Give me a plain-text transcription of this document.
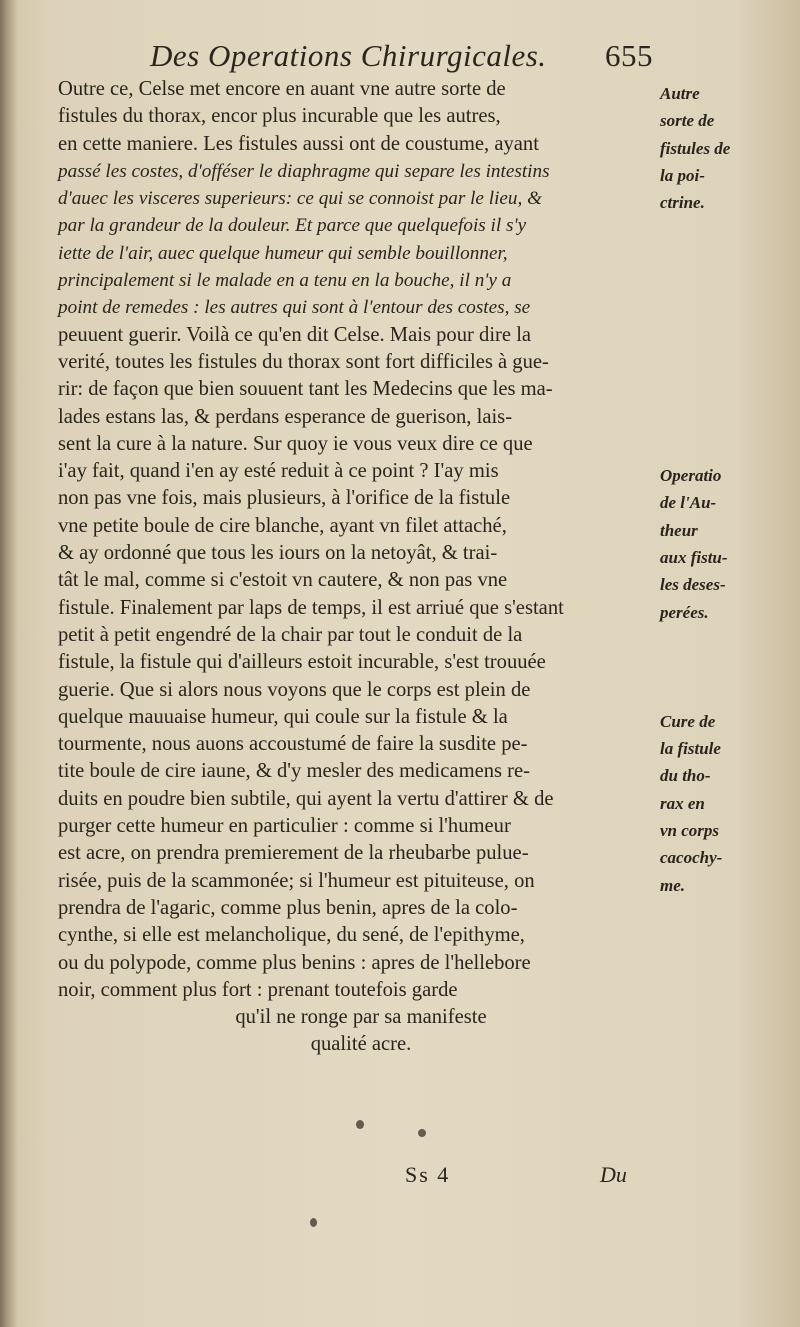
Des Operations Chirurgicales. 655
Outre ce, Celse met encore en auant vne autre sorte de
fistules du thorax, encor plus incurable que les autres,
en cette maniere. Les fistules aussi ont de coustume, ayant
passé les costes, d'offéser le diaphragme qui separe les intestins
d'auec les visceres superieurs: ce qui se connoist par le lieu, &
par la grandeur de la douleur. Et parce que quelquefois il s'y
iette de l'air, auec quelque humeur qui semble bouillonner,
principalement si le malade en a tenu en la bouche, il n'y a
point de remedes : les autres qui sont à l'entour des costes, se
peuuent guerir. Voilà ce qu'en dit Celse. Mais pour dire la
verité, toutes les fistules du thorax sont fort difficiles à gue-
rir: de façon que bien souuent tant les Medecins que les ma-
lades estans las, & perdans esperance de guerison, lais-
sent la cure à la nature. Sur quoy ie vous veux dire ce que
i'ay fait, quand i'en ay esté reduit à ce point ? I'ay mis
non pas vne fois, mais plusieurs, à l'orifice de la fistule
vne petite boule de cire blanche, ayant vn filet attaché,
& ay ordonné que tous les iours on la netoyât, & trai-
tât le mal, comme si c'estoit vn cautere, & non pas vne
fistule. Finalement par laps de temps, il est arriué que s'estant
petit à petit engendré de la chair par tout le conduit de la
fistule, la fistule qui d'ailleurs estoit incurable, s'est trouuée
guerie. Que si alors nous voyons que le corps est plein de
quelque mauuaise humeur, qui coule sur la fistule & la
tourmente, nous auons accoustumé de faire la susdite pe-
tite boule de cire iaune, & d'y mesler des medicamens re-
duits en poudre bien subtile, qui ayent la vertu d'attirer & de
purger cette humeur en particulier : comme si l'humeur
est acre, on prendra premierement de la rheubarbe pulue-
risée, puis de la scammonée; si l'humeur est pituiteuse, on
prendra de l'agaric, comme plus benin, apres de la colo-
cynthe, si elle est melancholique, du sené, de l'epithyme,
ou du polypode, comme plus benins : apres de l'hellebore
noir, comment plus fort : prenant toutefois garde
qu'il ne ronge par sa manifeste
qualité acre.
Autre
sorte de
fistules de
la poi-
ctrine.
Operatio
de l'Au-
theur
aux fistu-
les deses-
perées.
Cure de
la fistule
du tho-
rax en
vn corps
cacochy-
me.
Ss 4	Du
